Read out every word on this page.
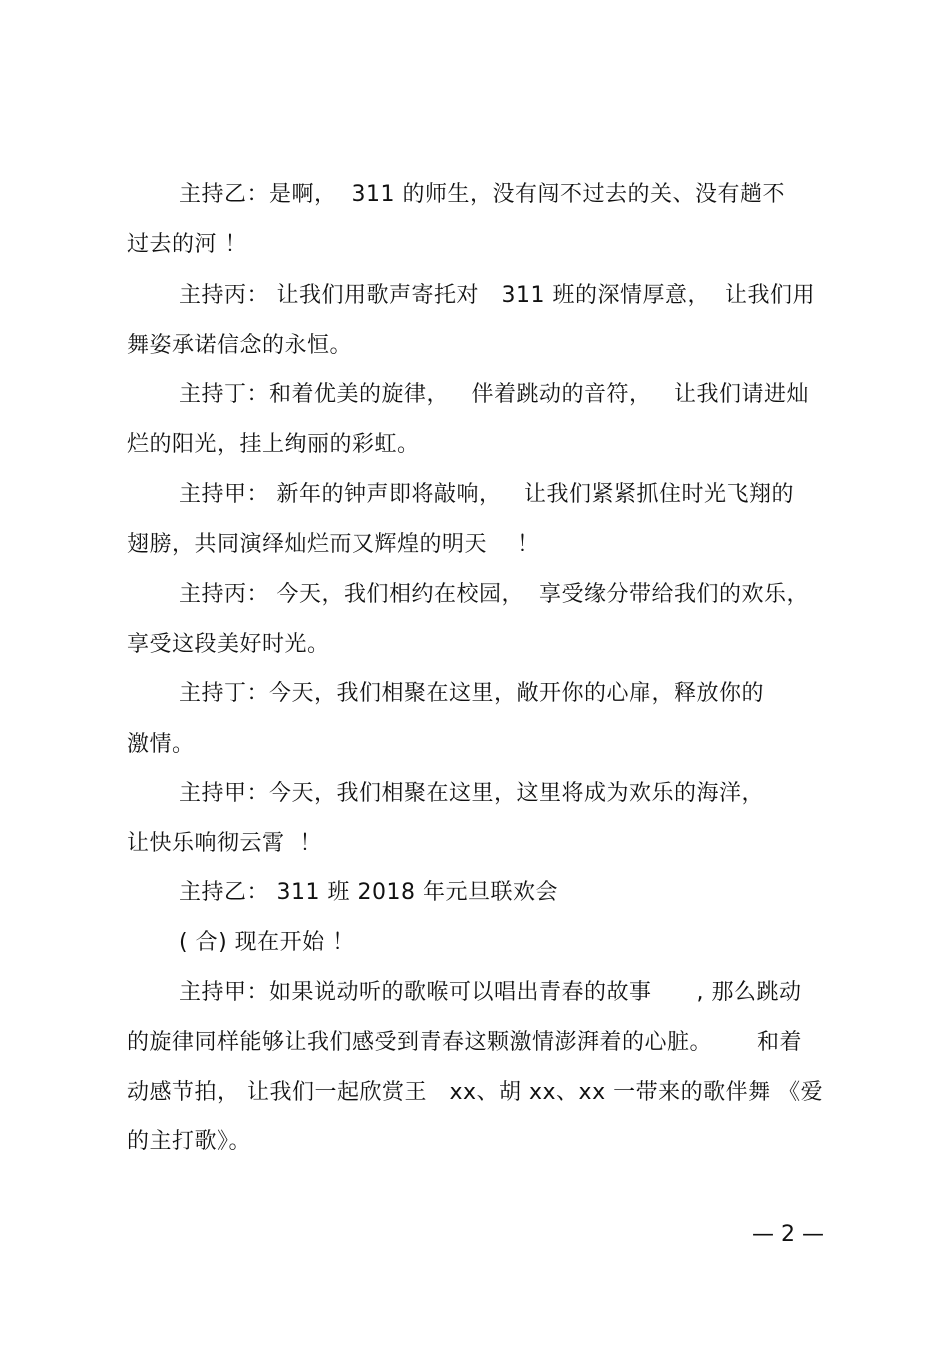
主持乙：是啊，  311 的师生，没有闯不过去的关、没有趟不
过去的河 ！
主持丙： 让我们用歌声寄托对   311 班的深情厚意，  让我们用
舞姿承诺信念的永恒。
主持丁：和着优美的旋律，   伴着跳动的音符，   让我们请进灿
烂的阳光，挂上绚丽的彩虹。
主持甲： 新年的钟声即将敲响，   让我们紧紧抓住时光飞翔的
翅膀，共同演绎灿烂而又辉煌的明天    ！
主持丙： 今天，我们相约在校园，  享受缘分带给我们的欢乐，
享受这段美好时光。
主持丁：今天，我们相聚在这里，敞开你的心扉，释放你的
激情。
主持甲：今天，我们相聚在这里，这里将成为欢乐的海洋，
让快乐响彻云霄  ！
主持乙： 311 班 2018 年元旦联欢会
( 合) 现在开始 ！
主持甲：如果说动听的歌喉可以唱出青春的故事      , 那么跳动
的旋律同样能够让我们感受到青春这颗激情澎湃着的心脏。      和着
动感节拍， 让我们一起欣赏王   xx、胡 xx、xx 一带来的歌伴舞 《爱
的主打歌》。
— 2 —
